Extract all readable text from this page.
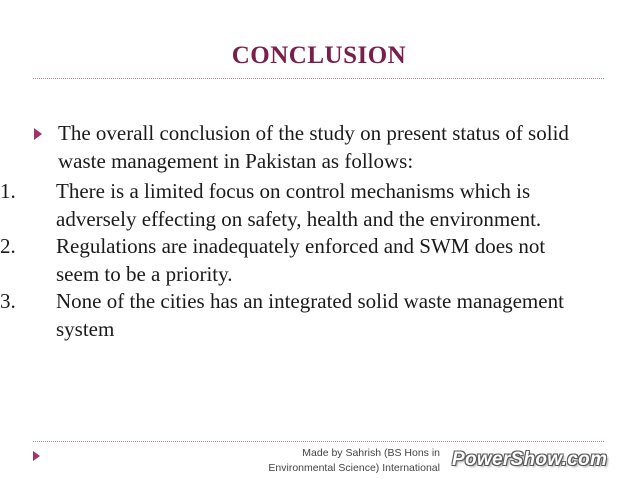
CONCLUSION
The overall conclusion of the study on present status of solid waste management in Pakistan as follows:
1. There is a limited focus on control mechanisms which is adversely effecting on safety, health and the environment.
2. Regulations are inadequately enforced and SWM does not seem to be a priority.
3. None of the cities has an integrated solid waste management system
Made by Sahrish (BS Hons in
Environmental Science) International PowerShow.com
